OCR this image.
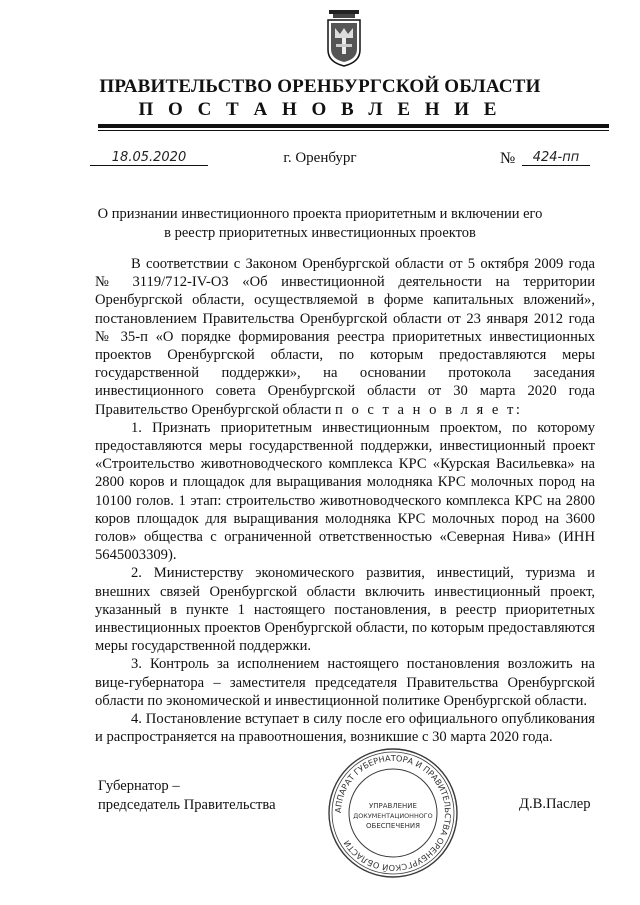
ПРАВИТЕЛЬСТВО ОРЕНБУРГСКОЙ ОБЛАСТИ
П О С Т А Н О В Л Е Н И Е
18.05.2020	г. Оренбург	№	424-пп
О признании инвестиционного проекта приоритетным и включении его
в реестр приоритетных инвестиционных проектов

В соответствии с Законом Оренбургской области от 5 октября 2009 года № 3119/712-IV-ОЗ «Об инвестиционной деятельности на территории Оренбургской области, осуществляемой в форме капитальных вложений», постановлением Правительства Оренбургской области от 23 января 2012 года № 35-п «О порядке формирования реестра приоритетных инвестиционных проектов Оренбургской области, по которым предоставляются меры государственной поддержки», на основании протокола заседания инвестиционного совета Оренбургской области от 30 марта 2020 года Правительство Оренбургской области п о с т а н о в л я е т:

1. Признать приоритетным инвестиционным проектом, по которому предоставляются меры государственной поддержки, инвестиционный проект «Строительство животноводческого комплекса КРС «Курская Васильевка» на 2800 коров и площадок для выращивания молодняка КРС молочных пород на 10100 голов. 1 этап: строительство животноводческого комплекса КРС на 2800 коров площадок для выращивания молодняка КРС молочных пород на 3600 голов» общества с ограниченной ответственностью «Северная Нива» (ИНН 5645003309).

2. Министерству экономического развития, инвестиций, туризма и внешних связей Оренбургской области включить инвестиционный проект, указанный в пункте 1 настоящего постановления, в реестр приоритетных инвестиционных проектов Оренбургской области, по которым предоставляются меры государственной поддержки.

3. Контроль за исполнением настоящего постановления возложить на вице-губернатора – заместителя председателя Правительства Оренбургской области по экономической и инвестиционной политике Оренбургской области.

4. Постановление вступает в силу после его официального опубликования и распространяется на правоотношения, возникшие с 30 марта 2020 года.

Губернатор –
председатель Правительства	Д.В.Паслер
АППАРАТ ГУБЕРНАТОРА И ПРАВИТЕЛЬСТВА ОРЕНБУРГСКОЙ ОБЛАСТИ
УПРАВЛЕНИЕ
ДОКУМЕНТАЦИОННОГО
ОБЕСПЕЧЕНИЯ
